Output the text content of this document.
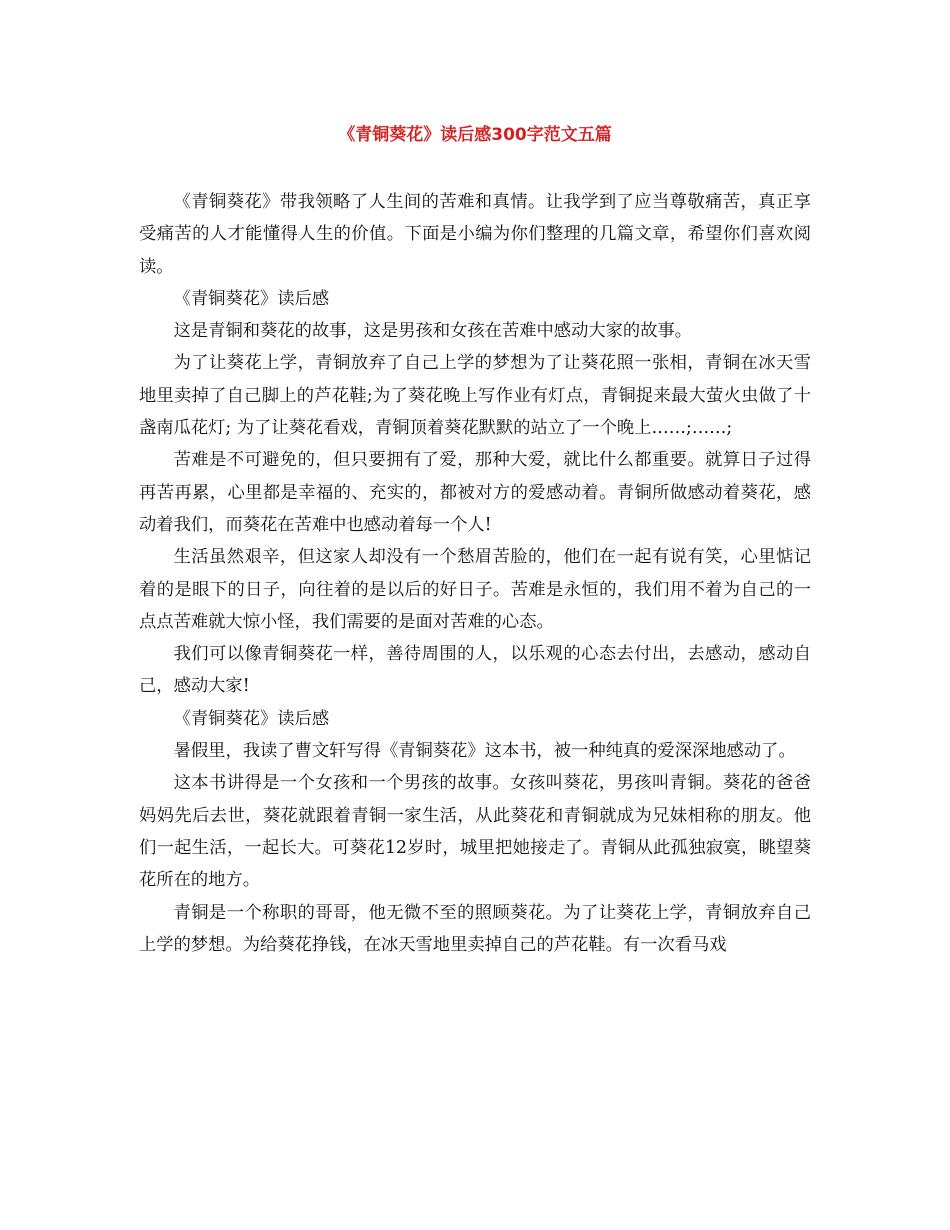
《青铜葵花》读后感300字范文五篇

《青铜葵花》带我领略了人生间的苦难和真情。让我学到了应当尊敬痛苦，真正享受痛苦的人才能懂得人生的价值。下面是小编为你们整理的几篇文章，希望你们喜欢阅读。

《青铜葵花》读后感

这是青铜和葵花的故事，这是男孩和女孩在苦难中感动大家的故事。

为了让葵花上学，青铜放弃了自己上学的梦想为了让葵花照一张相，青铜在冰天雪地里卖掉了自己脚上的芦花鞋;为了葵花晚上写作业有灯点，青铜捉来最大萤火虫做了十盏南瓜花灯; 为了让葵花看戏，青铜顶着葵花默默的站立了一个晚上……;……;

苦难是不可避免的，但只要拥有了爱，那种大爱，就比什么都重要。就算日子过得再苦再累，心里都是幸福的、充实的，都被对方的爱感动着。青铜所做感动着葵花，感动着我们，而葵花在苦难中也感动着每一个人!

生活虽然艰辛，但这家人却没有一个愁眉苦脸的，他们在一起有说有笑，心里惦记着的是眼下的日子，向往着的是以后的好日子。苦难是永恒的，我们用不着为自己的一点点苦难就大惊小怪，我们需要的是面对苦难的心态。

我们可以像青铜葵花一样，善待周围的人，以乐观的心态去付出，去感动，感动自己，感动大家!

《青铜葵花》读后感

暑假里，我读了曹文轩写得《青铜葵花》这本书，被一种纯真的爱深深地感动了。

这本书讲得是一个女孩和一个男孩的故事。女孩叫葵花，男孩叫青铜。葵花的爸爸妈妈先后去世，葵花就跟着青铜一家生活，从此葵花和青铜就成为兄妹相称的朋友。他们一起生活，一起长大。可葵花12岁时，城里把她接走了。青铜从此孤独寂寞，眺望葵花所在的地方。

青铜是一个称职的哥哥，他无微不至的照顾葵花。为了让葵花上学，青铜放弃自己上学的梦想。为给葵花挣钱，在冰天雪地里卖掉自己的芦花鞋。有一次看马戏
